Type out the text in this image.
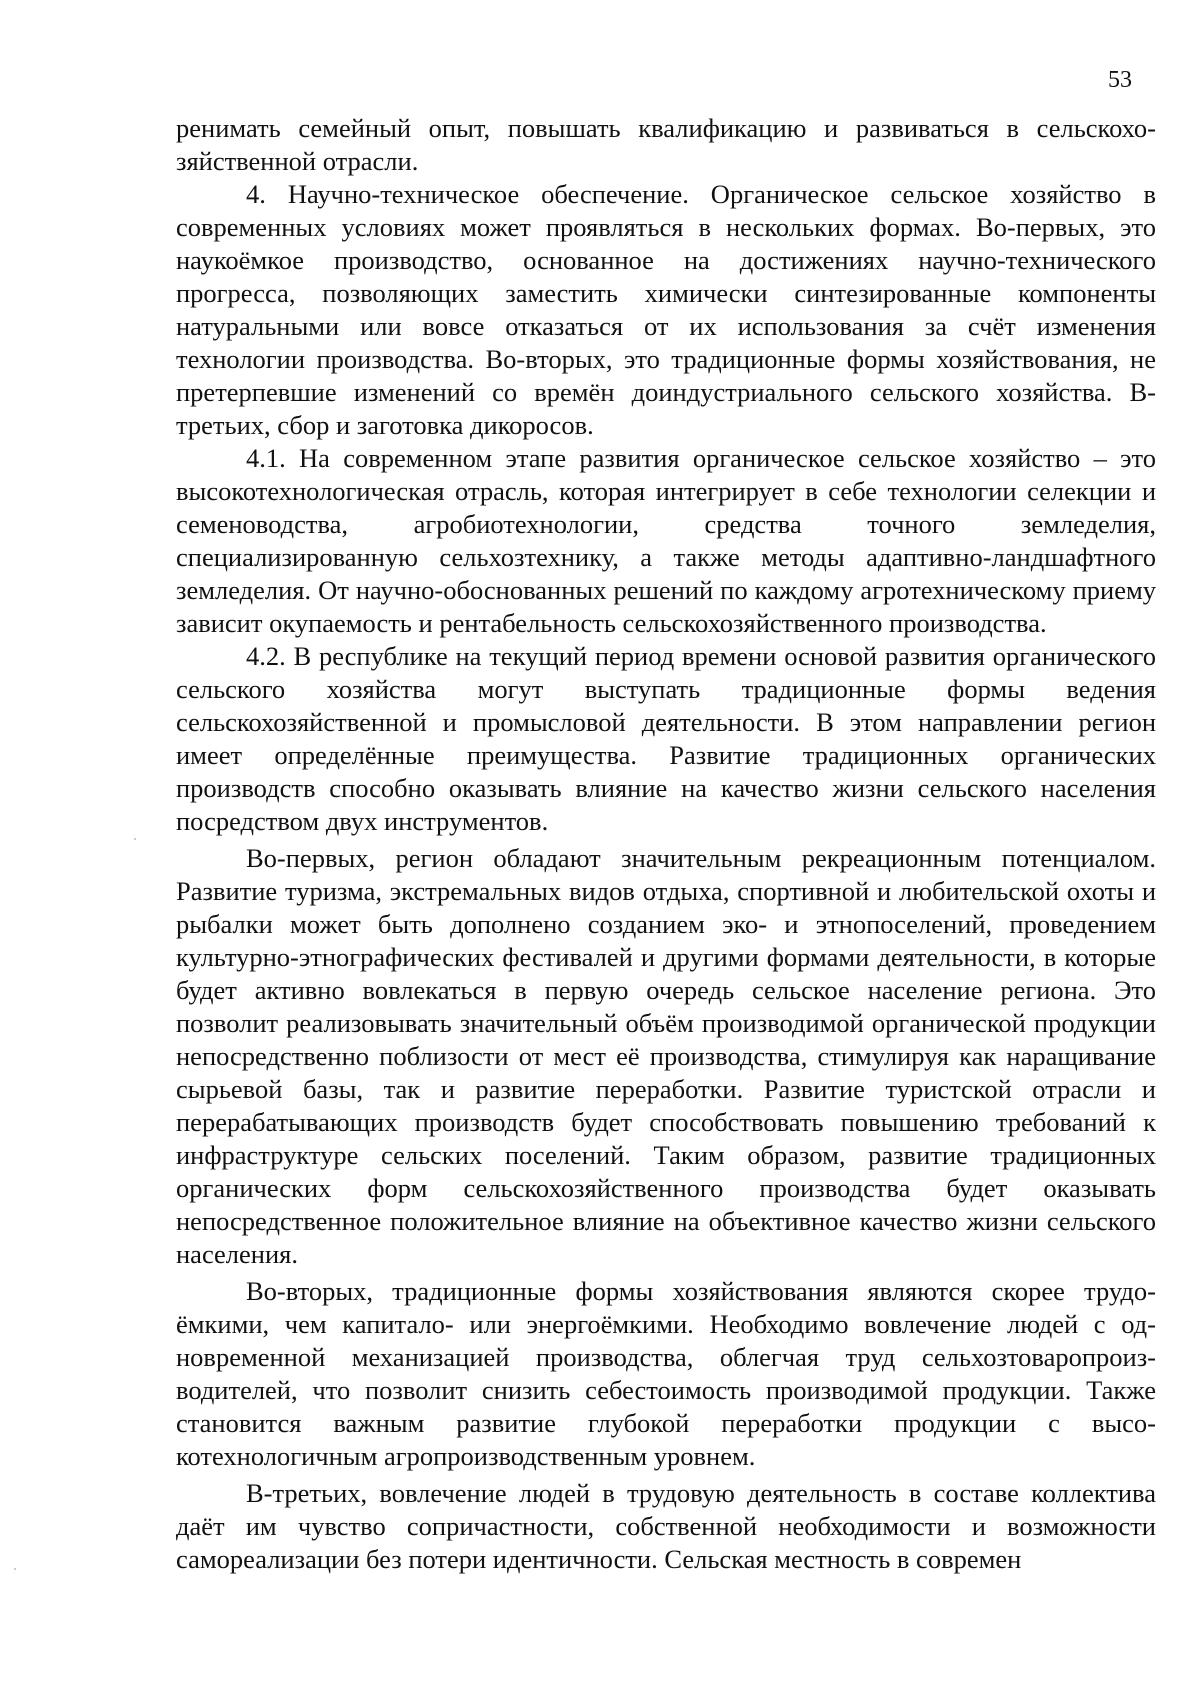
53

ренимать семейный опыт, повышать квалификацию и развиваться в сельскохозяйственной отрасли.

4. Научно-техническое обеспечение. Органическое сельское хозяйство в современных условиях может проявляться в нескольких формах. Во-первых, это наукоёмкое производство, основанное на достижениях научно-технического прогресса, позволяющих заместить химически синтезированные компоненты натуральными или вовсе отказаться от их использования за счёт изменения технологии производства. Во-вторых, это традиционные формы хозяйствования, не претерпевшие изменений со времён доиндустриального сельского хозяйства. В-третьих, сбор и заготовка дикоросов.

4.1. На современном этапе развития органическое сельское хозяйство – это высокотехнологическая отрасль, которая интегрирует в себе технологии селекции и семеноводства, агробиотехнологии, средства точного земледелия, специализированную сельхозтехнику, а также методы адаптивно-ландшафтного земледелия. От научно-обоснованных решений по каждому агротехническому приему зависит окупаемость и рентабельность сельскохозяйственного производства.

4.2. В республике на текущий период времени основой развития органического сельского хозяйства могут выступать традиционные формы ведения сельскохозяйственной и промысловой деятельности. В этом направлении регион имеет определённые преимущества. Развитие традиционных органических производств способно оказывать влияние на качество жизни сельского населения посредством двух инструментов.

Во-первых, регион обладают значительным рекреационным потенциалом. Развитие туризма, экстремальных видов отдыха, спортивной и любительской охоты и рыбалки может быть дополнено созданием эко- и этнопоселений, проведением культурно-этнографических фестивалей и другими формами деятельности, в которые будет активно вовлекаться в первую очередь сельское население региона. Это позволит реализовывать значительный объём производимой органической продукции непосредственно поблизости от мест её производства, стимулируя как наращивание сырьевой базы, так и развитие переработки. Развитие туристской отрасли и перерабатывающих производств будет способствовать повышению требований к инфраструктуре сельских поселений. Таким образом, развитие традиционных органических форм сельскохозяйственного производства будет оказывать непосредственное положительное влияние на объективное качество жизни сельского населения.

Во-вторых, традиционные формы хозяйствования являются скорее трудоёмкими, чем капитало- или энергоёмкими. Необходимо вовлечение людей с одновременной механизацией производства, облегчая труд сельхозтоваропроизводителей, что позволит снизить себестоимость производимой продукции. Также становится важным развитие глубокой переработки продукции с высокотехнологичным агропроизводственным уровнем.

В-третьих, вовлечение людей в трудовую деятельность в составе коллектива даёт им чувство сопричастности, собственной необходимости и возможности самореализации без потери идентичности. Сельская местность в современ
